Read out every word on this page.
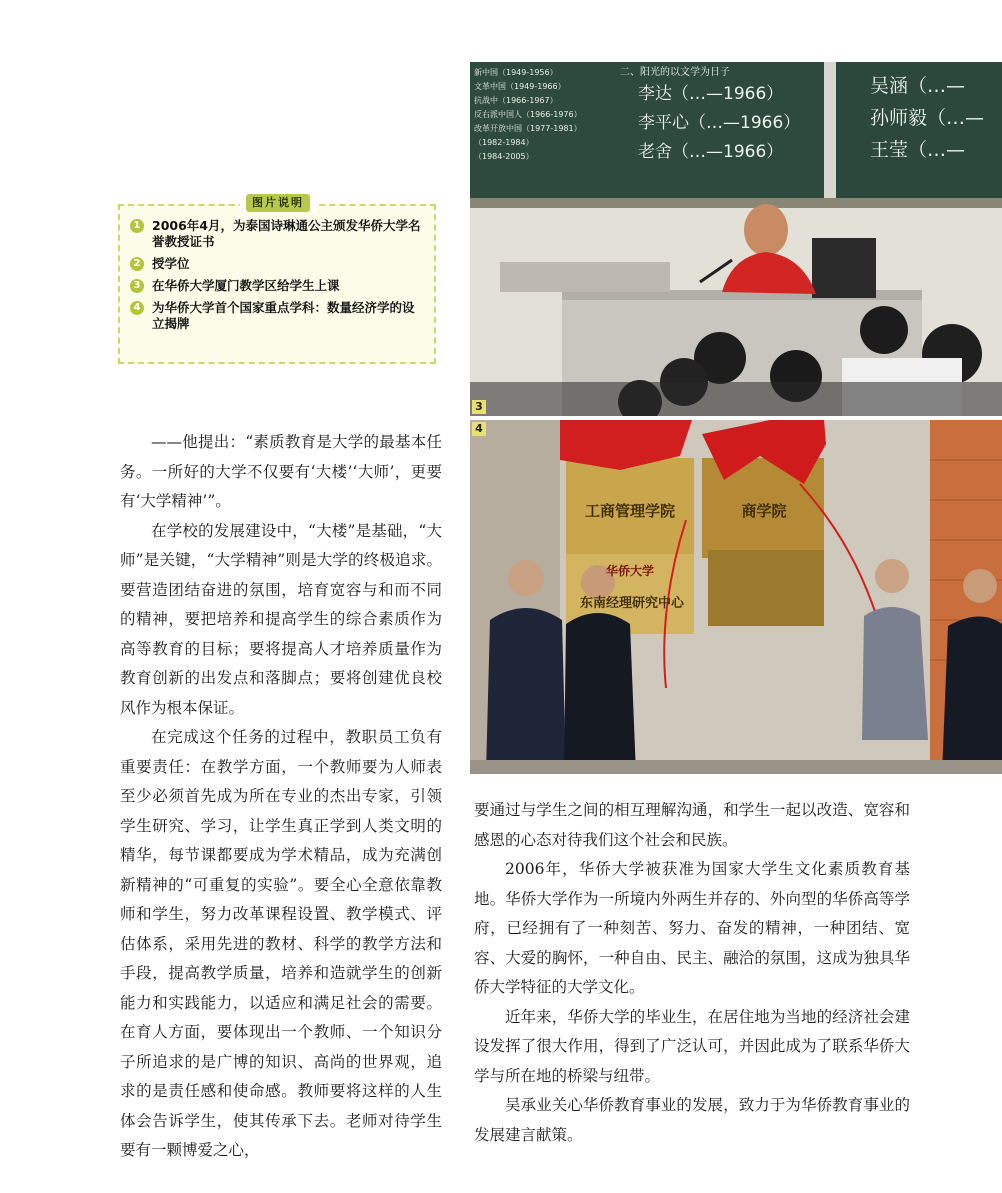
1 2006年4月，为泰国诗琳通公主颁发华侨大学名誉教授证书
2 授学位
3 在华侨大学厦门教学区给学生上课
4 为华侨大学首个国家重点学科：数量经济学的设立揭牌
图片说明
新中国（1949-1956）
文革中国（1949-1966）
抗战中（1966-1967）
反右派中国人（1966-1976）
改革开放中国（1977-1981）
（1982-1984）
（1984-2005）
二、阳光的以文学为日子
李达（…—1966）
李平心（…—1966）
老舍（…—1966）
吴涵（…—
孙师毅（…—
王莹（…—
3
工商管理学院	商学院
华侨大学
东南经理研究中心
4

——他提出：“素质教育是大学的最基本任务。一所好的大学不仅要有‘大楼’‘大师’，更要有‘大学精神’”。

在学校的发展建设中，“大楼”是基础，“大师”是关键，“大学精神”则是大学的终极追求。要营造团结奋进的氛围，培育宽容与和而不同的精神，要把培养和提高学生的综合素质作为高等教育的目标；要将提高人才培养质量作为教育创新的出发点和落脚点；要将创建优良校风作为根本保证。

在完成这个任务的过程中，教职员工负有重要责任：在教学方面，一个教师要为人师表至少必须首先成为所在专业的杰出专家，引领学生研究、学习，让学生真正学到人类文明的精华，每节课都要成为学术精品，成为充满创新精神的“可重复的实验”。要全心全意依靠教师和学生，努力改革课程设置、教学模式、评估体系，采用先进的教材、科学的教学方法和手段，提高教学质量，培养和造就学生的创新能力和实践能力，以适应和满足社会的需要。在育人方面，要体现出一个教师、一个知识分子所追求的是广博的知识、高尚的世界观，追求的是责任感和使命感。教师要将这样的人生体会告诉学生，使其传承下去。老师对待学生要有一颗博爱之心，

要通过与学生之间的相互理解沟通，和学生一起以改造、宽容和感恩的心态对待我们这个社会和民族。

2006年，华侨大学被获准为国家大学生文化素质教育基地。华侨大学作为一所境内外两生并存的、外向型的华侨高等学府，已经拥有了一种刻苦、努力、奋发的精神，一种团结、宽容、大爱的胸怀，一种自由、民主、融洽的氛围，这成为独具华侨大学特征的大学文化。

近年来，华侨大学的毕业生，在居住地为当地的经济社会建设发挥了很大作用，得到了广泛认可，并因此成为了联系华侨大学与所在地的桥梁与纽带。

吴承业关心华侨教育事业的发展，致力于为华侨教育事业的发展建言献策。
